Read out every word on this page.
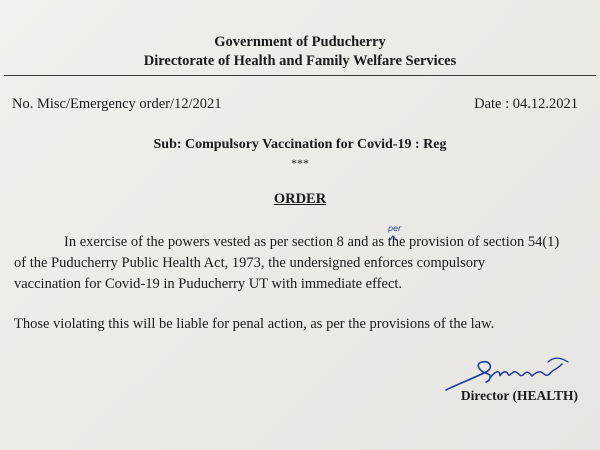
Government of Puducherry
Directorate of Health and Family Welfare Services
No. Misc/Emergency order/12/2021	Date : 04.12.2021
Sub: Compulsory Vaccination for Covid-19 : Reg
***
ORDER
In exercise of the powers vested as per section 8 and as the provision of section 54(1)
of the Puducherry Public Health Act, 1973, the undersigned enforces compulsory
vaccination for Covid-19 in Puducherry UT with immediate effect.
Those violating this will be liable for penal action, as per the provisions of the law.
per
Director (HEALTH)
